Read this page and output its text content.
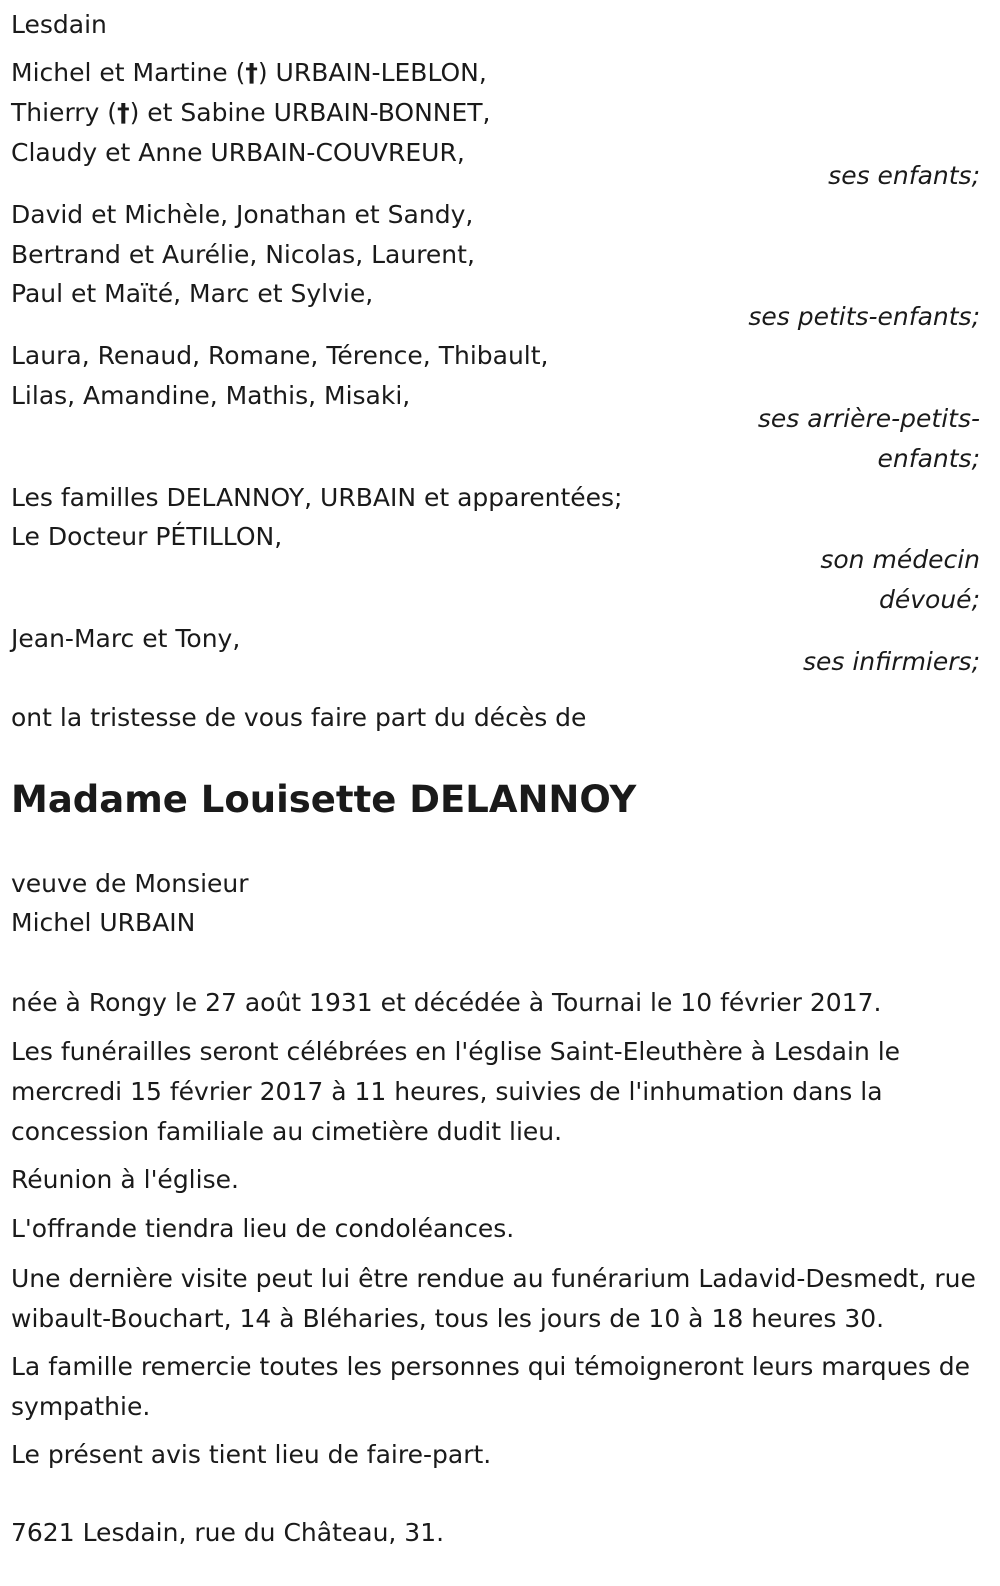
Lesdain
Michel et Martine (†) URBAIN-LEBLON,
Thierry (†) et Sabine URBAIN-BONNET,
Claudy et Anne URBAIN-COUVREUR,
ses enfants;
David et Michèle, Jonathan et Sandy,
Bertrand et Aurélie, Nicolas, Laurent,
Paul et Maïté, Marc et Sylvie,
ses petits-enfants;
Laura, Renaud, Romane, Térence, Thibault,
Lilas, Amandine, Mathis, Misaki,
ses arrière-petits-
enfants;
Les familles DELANNOY, URBAIN et apparentées;
Le Docteur PÉTILLON,
son médecin
dévoué;
Jean-Marc et Tony,
ses infirmiers;
ont la tristesse de vous faire part du décès de
Madame Louisette DELANNOY
veuve de Monsieur
Michel URBAIN
née à Rongy le 27 août 1931 et décédée à Tournai le 10 février 2017.
Les funérailles seront célébrées en l'église Saint-Eleuthère à Lesdain le mercredi 15 février 2017 à 11 heures, suivies de l'inhumation dans la concession familiale au cimetière dudit lieu.
Réunion à l'église.
L'offrande tiendra lieu de condoléances.
Une dernière visite peut lui être rendue au funérarium Ladavid-Desmedt, rue wibault-Bouchart, 14 à Bléharies, tous les jours de 10 à 18 heures 30.
La famille remercie toutes les personnes qui témoigneront leurs marques de sympathie.
Le présent avis tient lieu de faire-part.
7621 Lesdain, rue du Château, 31.
